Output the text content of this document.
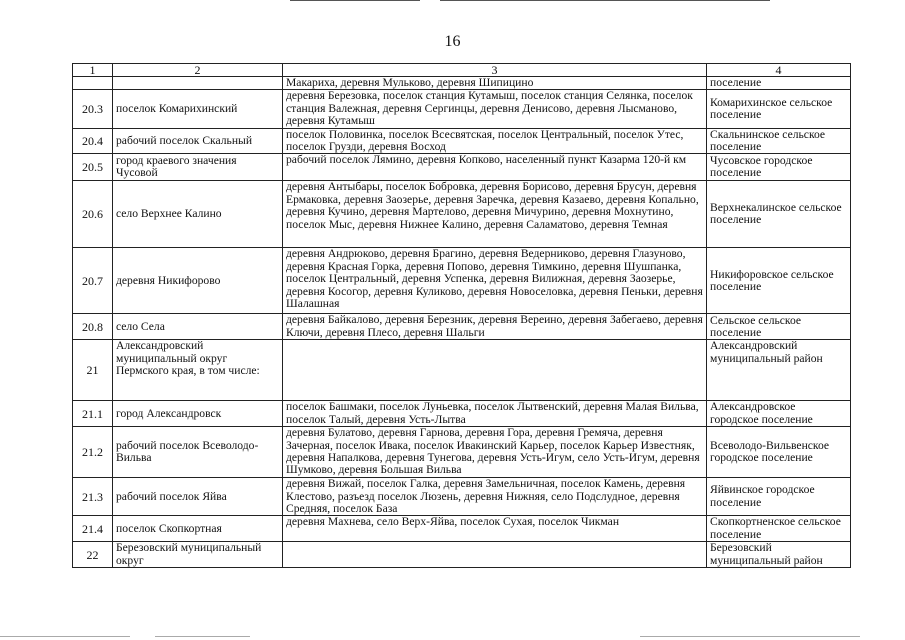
16
1	2	3	4
		Макариха, деревня Мульково, деревня Шипицино	поселение
20.3	поселок Комарихинский	деревня Березовка, поселок станция Кутамыш, поселок станция Селянка, поселок станция Валежная, деревня Сергинцы, деревня Денисово, деревня Лысманово, деревня Кутамыш	Комарихинское сельское поселение
20.4	рабочий поселок Скальный	поселок Половинка, поселок Всесвятская, поселок Центральный, поселок Утес, поселок Грузди, деревня Восход	Скальнинское сельское поселение
20.5	город краевого значения Чусовой	рабочий поселок Лямино, деревня Копково, населенный пункт Казарма 120-й км	Чусовское городское поселение
20.6	село Верхнее Калино	деревня Антыбары, поселок Бобровка, деревня Борисово, деревня Брусун, деревня Ермаковка, деревня Заозерье, деревня Заречка, деревня Казаево, деревня Копально, деревня Кучино, деревня Мартелово, деревня Мичурино, деревня Мохнутино, поселок Мыс, деревня Нижнее Калино, деревня Саламатово, деревня Темная	Верхнекалинское сельское поселение
20.7	деревня Никифорово	деревня Андрюково, деревня Брагино, деревня Ведерниково, деревня Глазуново, деревня Красная Горка, деревня Попово, деревня Тимкино, деревня Шушпанка, поселок Центральный, деревня Успенка, деревня Вилижная, деревня Заозерье, деревня Косогор, деревня Куликово, деревня Новоселовка, деревня Пеньки, деревня Шалашная	Никифоровское сельское поселение
20.8	село Села	деревня Байкалово, деревня Березник, деревня Вереино, деревня Забегаево, деревня Ключи, деревня Плесо, деревня Шальги	Сельское сельское поселение
21	Александровский муниципальный округ Пермского края, в том числе:		Александровский муниципальный район
21.1	город Александровск	поселок Башмаки, поселок Луньевка, поселок Лытвенский, деревня Малая Вильва, поселок Талый, деревня Усть-Лытва	Александровское городское поселение
21.2	рабочий поселок Всеволодо-Вильва	деревня Булатово, деревня Гарнова, деревня Гора, деревня Гремяча, деревня Зачерная, поселок Ивака, поселок Ивакинский Карьер, поселок Карьер Известняк, деревня Напалкова, деревня Тунегова, деревня Усть-Игум, село Усть-Игум, деревня Шумково, деревня Большая Вильва	Всеволодо-Вильвенское городское поселение
21.3	рабочий поселок Яйва	деревня Вижай, поселок Галка, деревня Замельничная, поселок Камень, деревня Клестово, разъезд поселок Люзень, деревня Нижняя, село Подслудное, деревня Средняя, поселок База	Яйвинское городское поселение
21.4	поселок Скопкортная	деревня Махнева, село Верх-Яйва, поселок Сухая, поселок Чикман	Скопкортненское сельское поселение
22	Березовский муниципальный округ		Березовский муниципальный район
